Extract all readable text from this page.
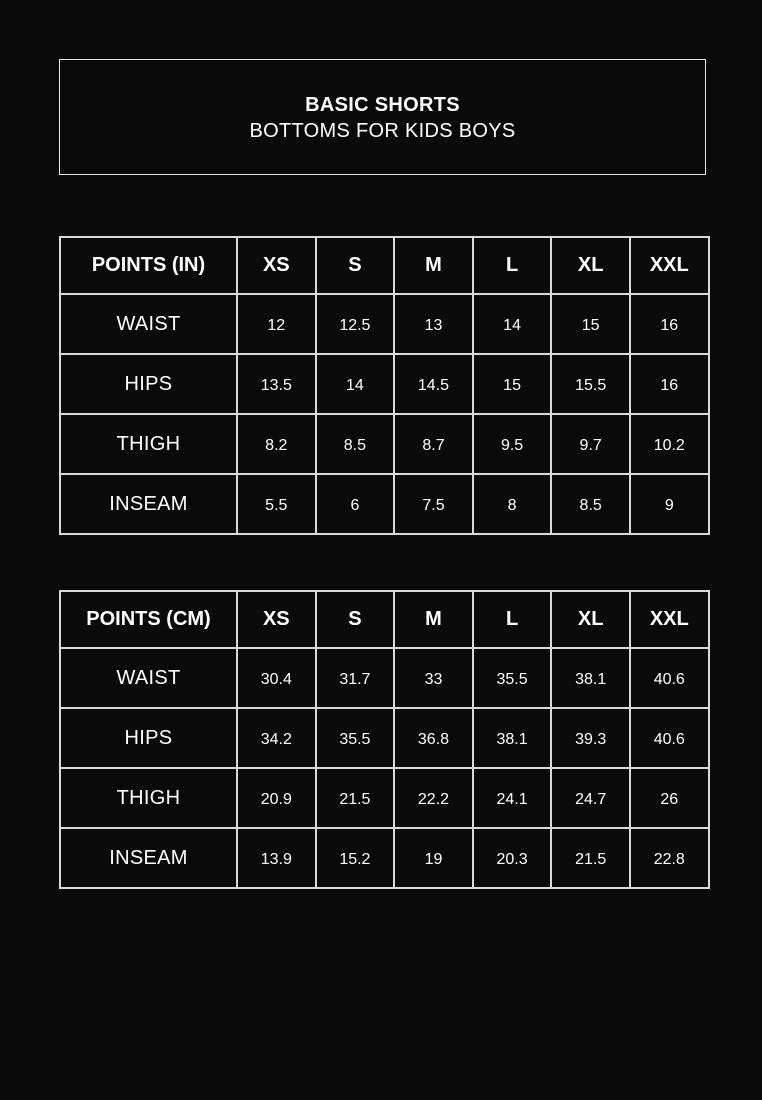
BASIC SHORTS
BOTTOMS FOR KIDS BOYS
POINTS (IN)	XS	S	M	L	XL	XXL
WAIST	12	12.5	13	14	15	16
HIPS	13.5	14	14.5	15	15.5	16
THIGH	8.2	8.5	8.7	9.5	9.7	10.2
INSEAM	5.5	6	7.5	8	8.5	9
POINTS (CM)	XS	S	M	L	XL	XXL
WAIST	30.4	31.7	33	35.5	38.1	40.6
HIPS	34.2	35.5	36.8	38.1	39.3	40.6
THIGH	20.9	21.5	22.2	24.1	24.7	26
INSEAM	13.9	15.2	19	20.3	21.5	22.8
